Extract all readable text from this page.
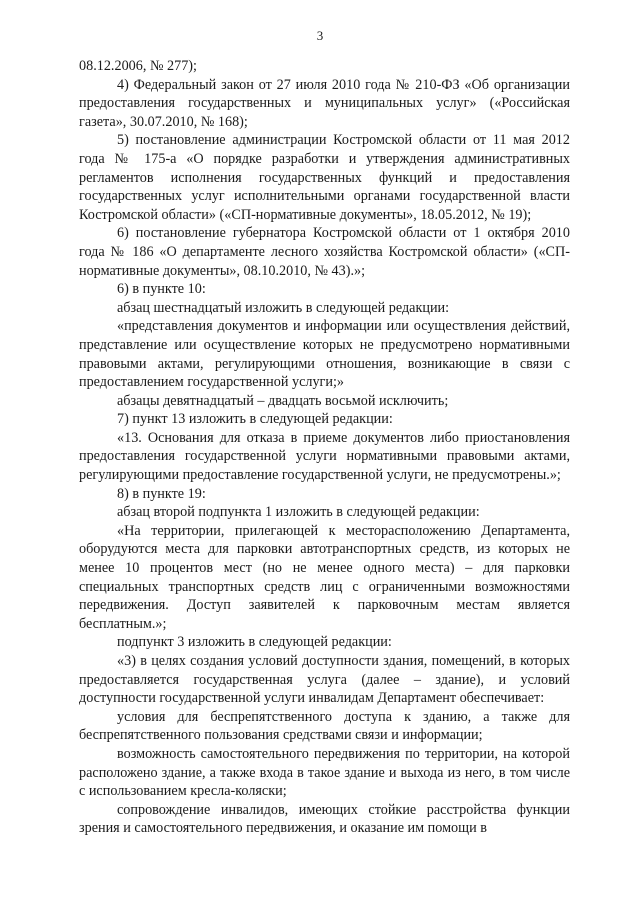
3

08.12.2006, № 277);

4) Федеральный закон от 27 июля 2010 года № 210-ФЗ «Об организации предоставления государственных и муниципальных услуг» («Российская газета», 30.07.2010, № 168);

5) постановление администрации Костромской области от 11 мая 2012 года № 175-а «О порядке разработки и утверждения административных регламентов исполнения государственных функций и предоставления государственных услуг исполнительными органами государственной власти Костромской области» («СП-нормативные документы», 18.05.2012, № 19);

6) постановление губернатора Костромской области от 1 октября 2010 года № 186 «О департаменте лесного хозяйства Костромской области» («СП-нормативные документы», 08.10.2010, № 43).»;

6) в пункте 10:

абзац шестнадцатый изложить в следующей редакции:

«представления документов и информации или осуществления действий, представление или осуществление которых не предусмотрено нормативными правовыми актами, регулирующими отношения, возникающие в связи с предоставлением государственной услуги;»

абзацы девятнадцатый – двадцать восьмой исключить;

7) пункт 13 изложить в следующей редакции:

«13. Основания для отказа в приеме документов либо приостановления предоставления государственной услуги нормативными правовыми актами, регулирующими предоставление государственной услуги, не предусмотрены.»;

8) в пункте 19:

абзац второй подпункта 1 изложить в следующей редакции:

«На территории, прилегающей к месторасположению Департамента, оборудуются места для парковки автотранспортных средств, из которых не менее 10 процентов мест (но не менее одного места) – для парковки специальных транспортных средств лиц с ограниченными возможностями передвижения. Доступ заявителей к парковочным местам является бесплатным.»;

подпункт 3 изложить в следующей редакции:

«3) в целях создания условий доступности здания, помещений, в которых предоставляется государственная услуга (далее – здание), и условий доступности государственной услуги инвалидам Департамент обеспечивает:

условия для беспрепятственного доступа к зданию, а также для беспрепятственного пользования средствами связи и информации;

возможность самостоятельного передвижения по территории, на которой расположено здание, а также входа в такое здание и выхода из него, в том числе с использованием кресла-коляски;

сопровождение инвалидов, имеющих стойкие расстройства функции зрения и самостоятельного передвижения, и оказание им помощи в
